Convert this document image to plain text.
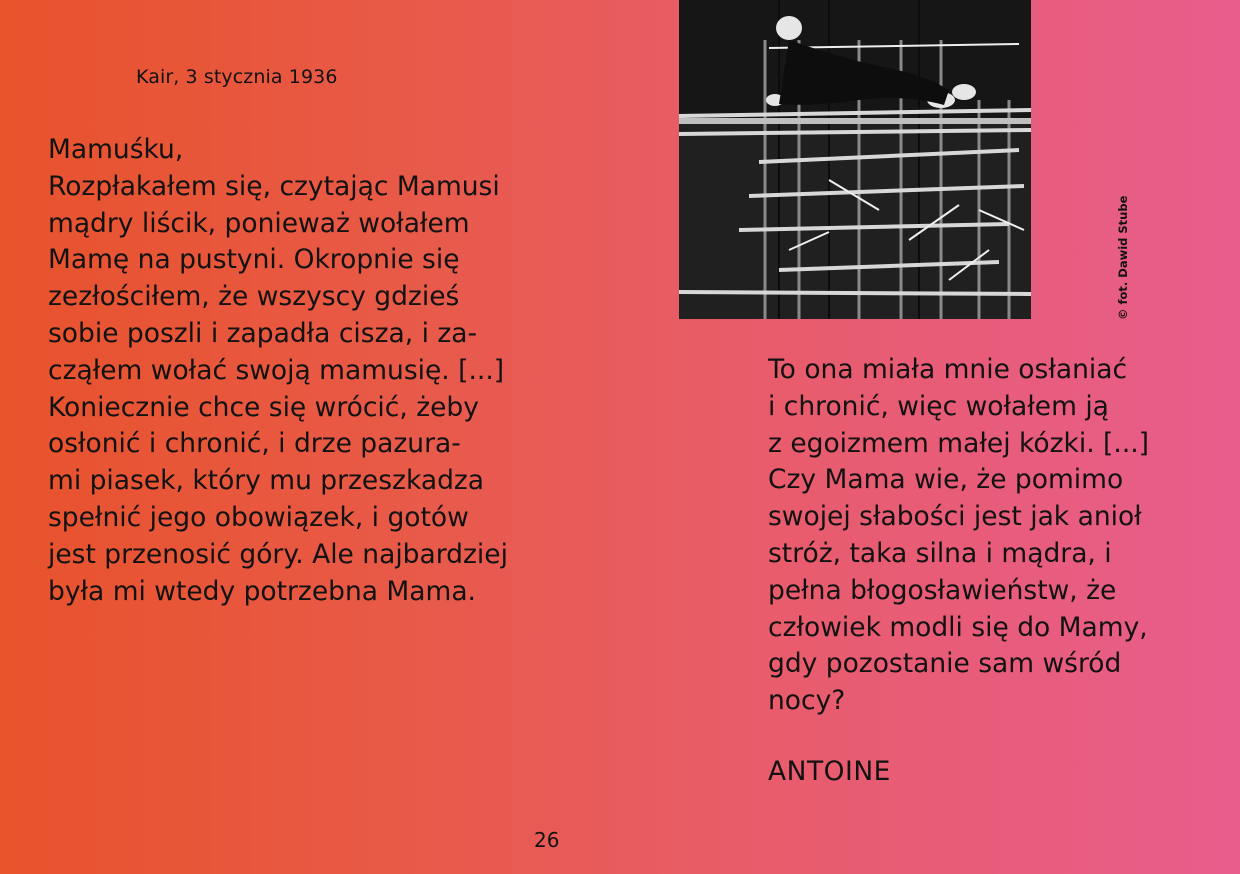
Kair, 3 stycznia 1936
Mamuśku,
Rozpłakałem się, czytając Mamusi
mądry liścik, ponieważ wołałem
Mamę na pustyni. Okropnie się
zezłościłem, że wszyscy gdzieś
sobie poszli i zapadła cisza, i za-
cząłem wołać swoją mamusię. [...]
Koniecznie chce się wrócić, żeby
osłonić i chronić, i drze pazura-
mi piasek, który mu przeszkadza
spełnić jego obowiązek, i gotów
jest przenosić góry. Ale najbardziej
była mi wtedy potrzebna Mama.
© fot. Dawid Stube
To ona miała mnie osłaniać
i chronić, więc wołałem ją
z egoizmem małej kózki. [...]
Czy Mama wie, że pomimo
swojej słabości jest jak anioł
stróż, taka silna i mądra, i
pełna błogosławieństw, że
człowiek modli się do Mamy,
gdy pozostanie sam wśród
nocy?
ANTOINE
26
